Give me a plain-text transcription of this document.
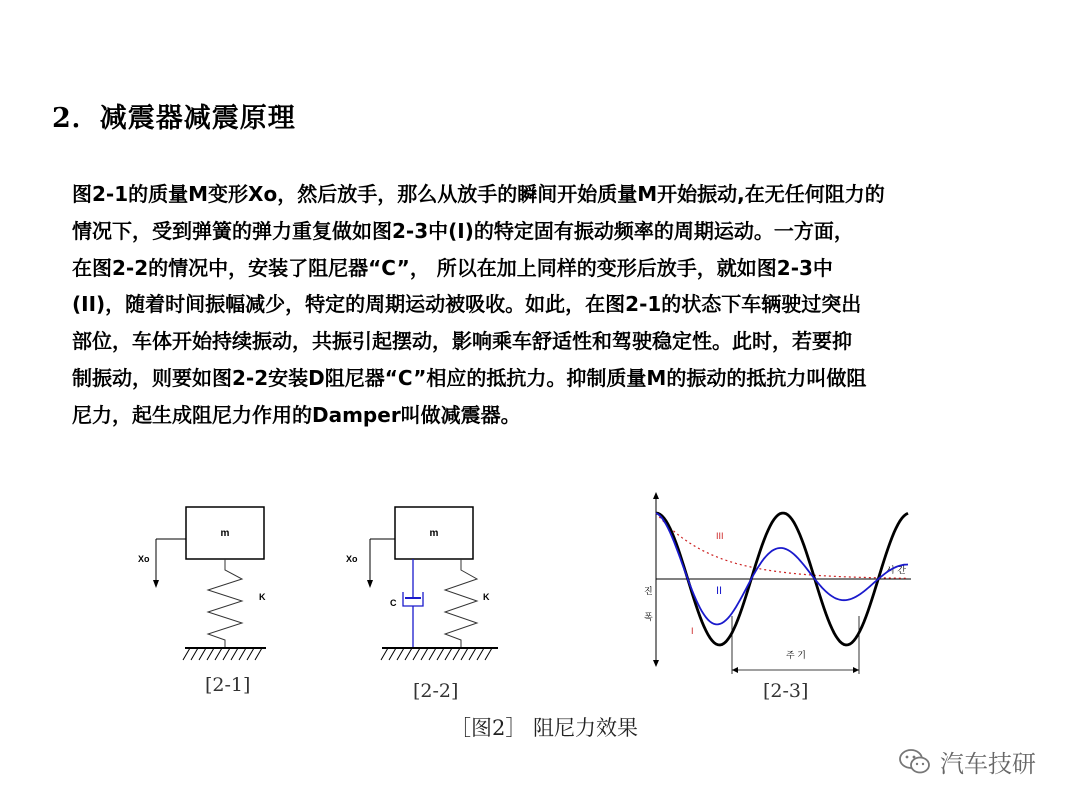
2．减震器减震原理
图2-1的质量M变形Xo，然后放手，那么从放手的瞬间开始质量M开始振动,在无任何阻力的
情况下，受到弹簧的弹力重复做如图2-3中(I)的特定固有振动频率的周期运动。一方面，
在图2-2的情况中，安装了阻尼器“C”， 所以在加上同样的变形后放手，就如图2-3中
(II)，随着时间振幅减少，特定的周期运动被吸收。如此，在图2-1的状态下车辆驶过突出
部位，车体开始持续振动，共振引起摆动，影响乘车舒适性和驾驶稳定性。此时，若要抑
制振动，则要如图2-2安装D阻尼器“C”相应的抵抗力。抑制质量M的振动的抵抗力叫做阻
尼力，起生成阻尼力作用的Damper叫做减震器。
m
Xo
K
[2-1]
m
Xo
C
K
[2-2]
시 간
진
폭
III
II
I
주 기
[2-3]
［图2］ 阻尼力效果
汽车技研
